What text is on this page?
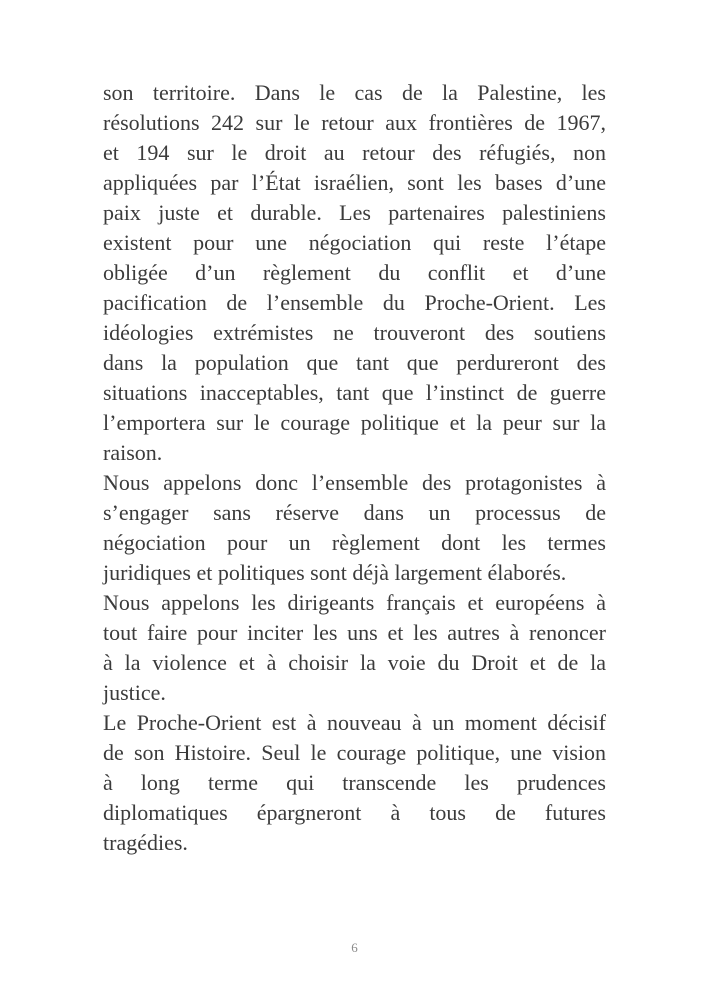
son territoire. Dans le cas de la Palestine, les
résolutions 242 sur le retour aux frontières de 1967,
et 194 sur le droit au retour des réfugiés, non
appliquées par l’État israélien, sont les bases d’une
paix juste et durable. Les partenaires palestiniens
existent pour une négociation qui reste l’étape
obligée d’un règlement du conflit et d’une
pacification de l’ensemble du Proche-Orient. Les
idéologies extrémistes ne trouveront des soutiens
dans la population que tant que perdureront des
situations inacceptables, tant que l’instinct de guerre
l’emportera sur le courage politique et la peur sur la
raison.
Nous appelons donc l’ensemble des protagonistes à
s’engager sans réserve dans un processus de
négociation pour un règlement dont les termes
juridiques et politiques sont déjà largement élaborés.
Nous appelons les dirigeants français et européens à
tout faire pour inciter les uns et les autres à renoncer
à la violence et à choisir la voie du Droit et de la
justice.
Le Proche-Orient est à nouveau à un moment décisif
de son Histoire. Seul le courage politique, une vision
à long terme qui transcende les prudences
diplomatiques épargneront à tous de futures
tragédies.
6
